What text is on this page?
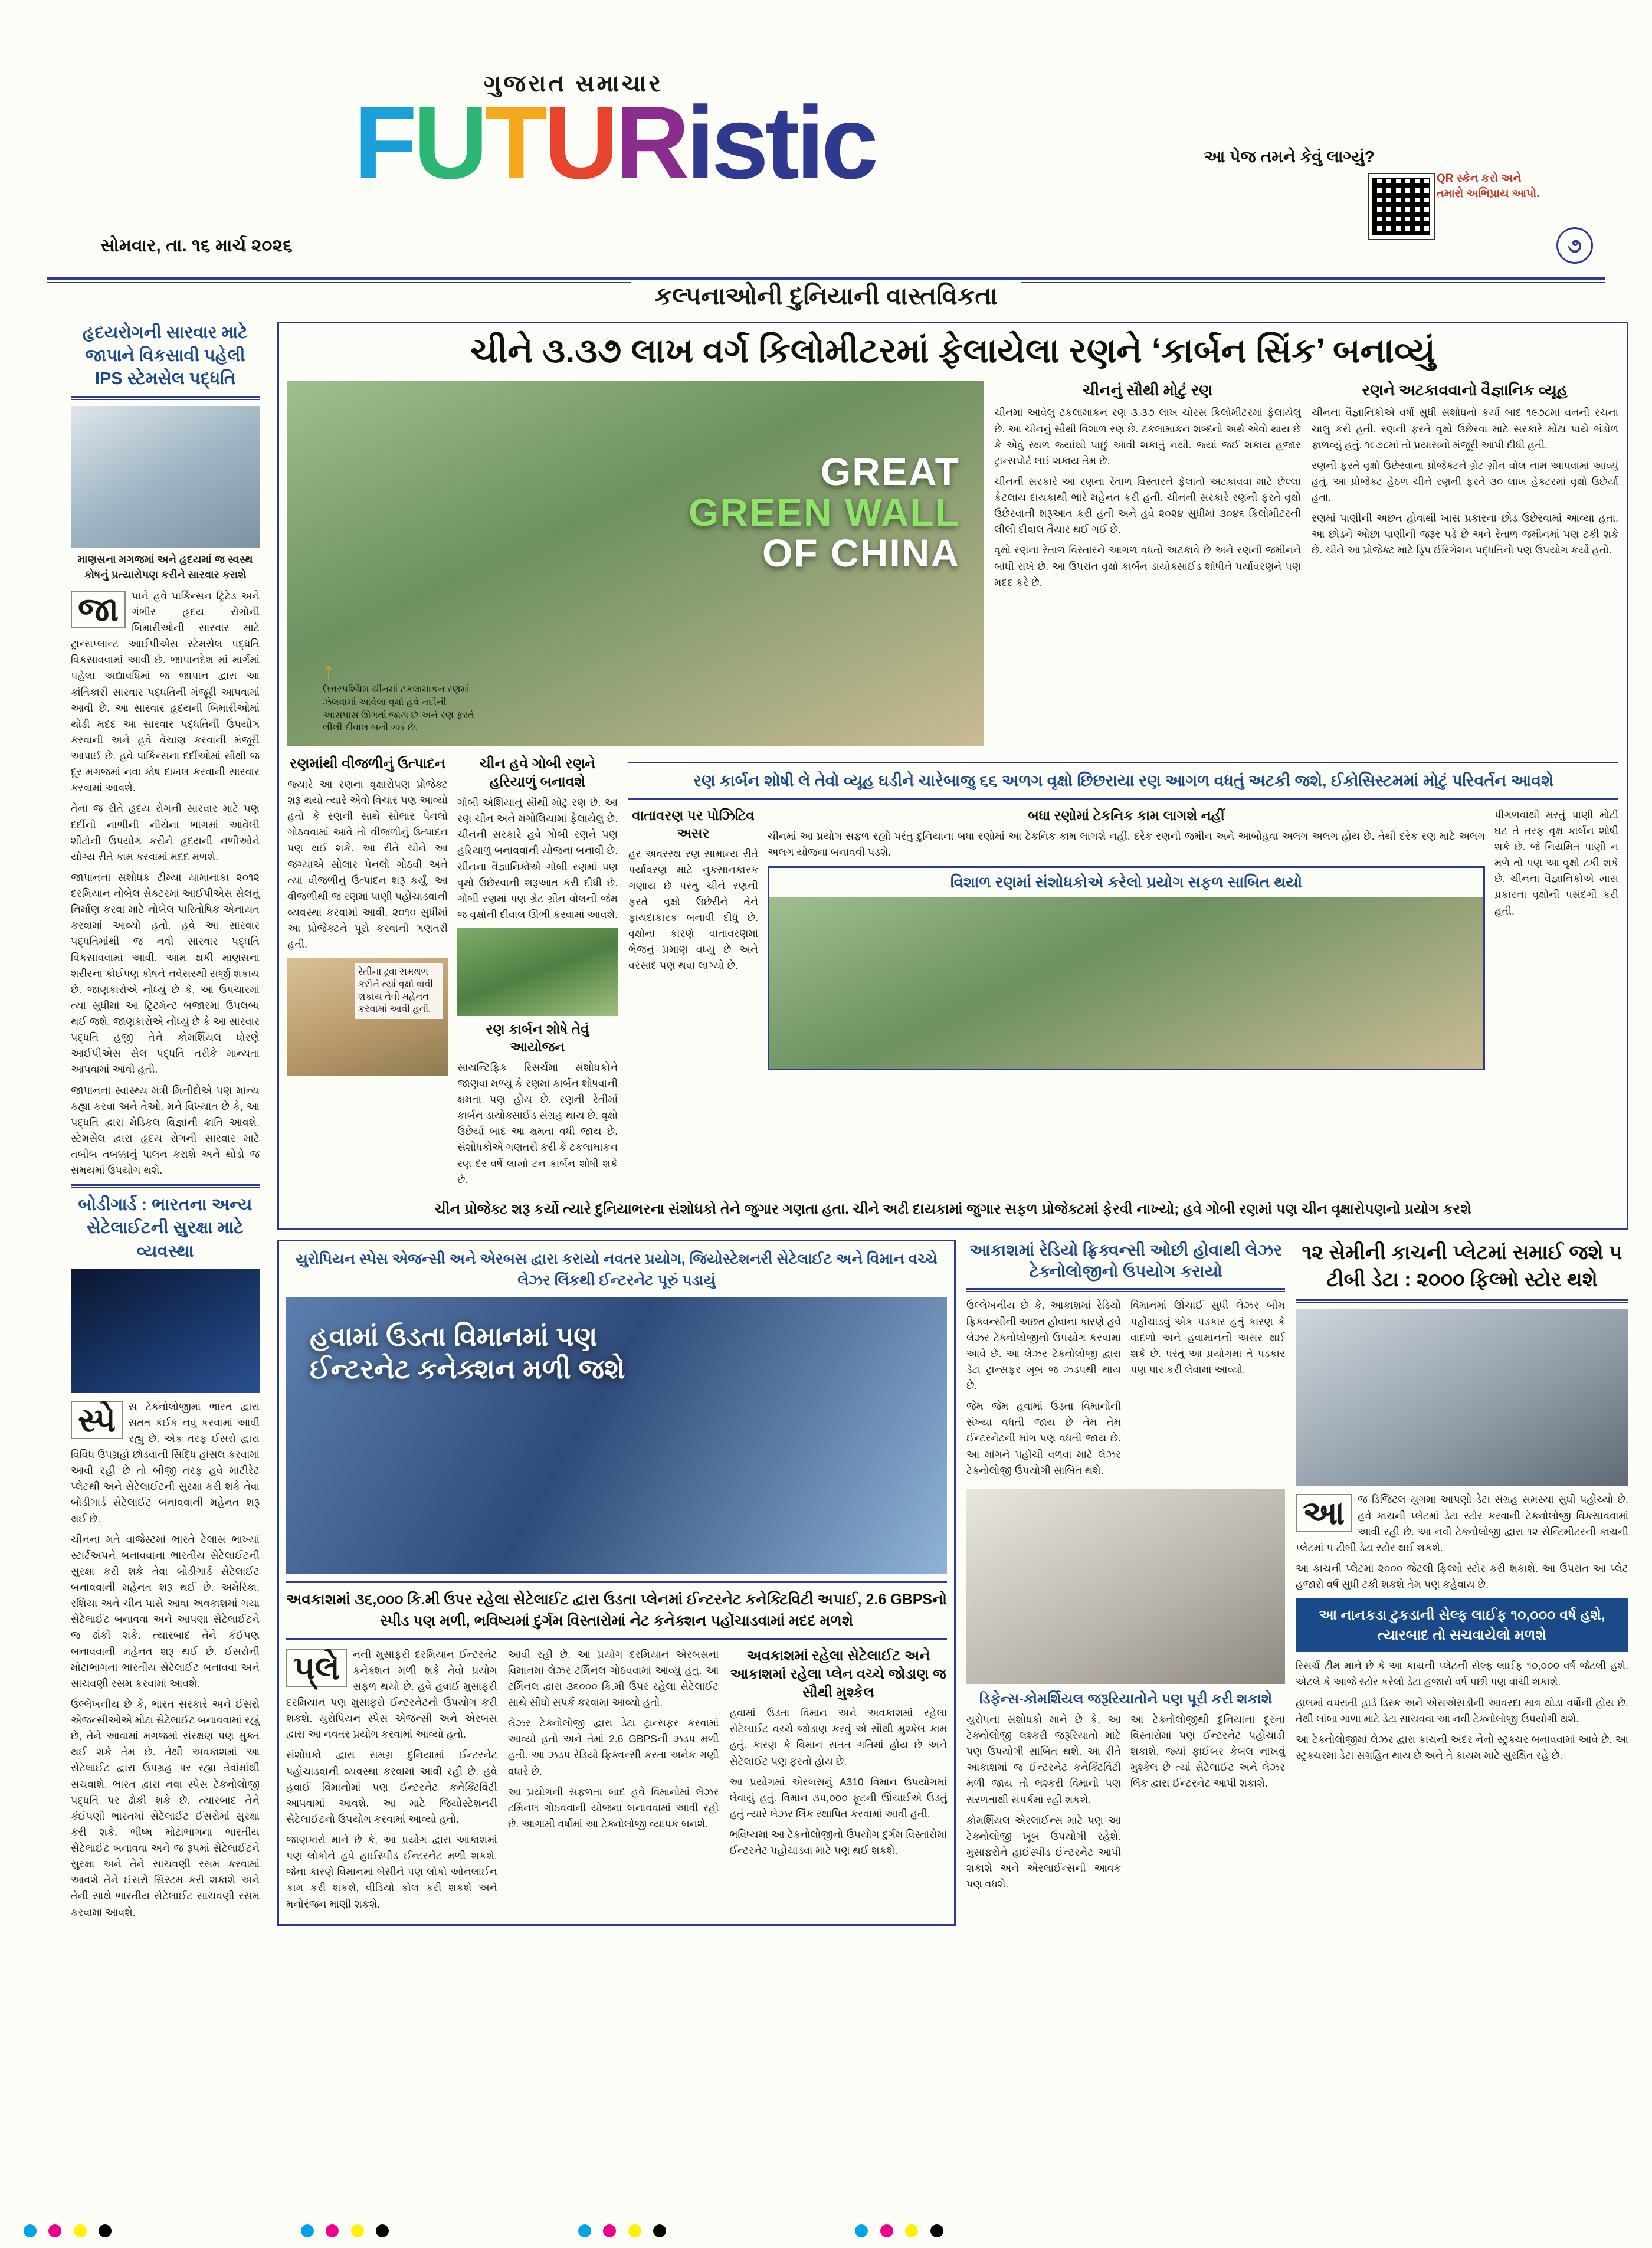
ગુજરાત સમાચાર
FUTURistic
સોમવાર, તા. ૧૬ માર્ચ ૨૦૨૬
આ પેજ તમને કેવું લાગ્યું?
QR સ્કેન કરો અને તમારો અભિપ્રાય આપો.
૭
કલ્પનાઓની દુનિયાની વાસ્તવિકતા
હૃદયરોગની સારવાર માટે જાપાને વિકસાવી પહેલી IPS સ્ટેમસેલ પદ્ધતિ
માણસના મગજમાં અને હૃદયમાં જ સ્વસ્થ કોષનું પ્રત્યારોપણ કરીને સારવાર કરાશે

જા	પાને હવે પાર્કિન્સન ટ્રિટેડ અને ગંભીર હૃદય રોગોની બિમારીઓની સારવાર માટે ટ્રાન્સપ્લાન્ટ આઈપીએસ સ્ટેમસેલ પદ્ધતિ વિકસાવવામાં આવી છે. જાપાનદેશ માં માર્ગમાં પહેલા અદ્યાવધિમાં જ જાપાન દ્વારા આ ક્રાંતિકારી સારવાર પદ્ધતિની મંજૂરી આપવામાં આવી છે. આ સારવાર હૃદયની બિમારીઓમાં થોડી મદદ આ સારવાર પદ્ધતિની ઉપયોગ કરવાની અને હવે વેચાણ કરવાની મંજૂરી આપાઈ છે. હવે પાર્કિન્સના દર્દીઓમાં સૌથી જ દૂર મગજમાં નવા કોષ દાખલ કરવાની સારવાર કરવામાં આવશે.

તેના જ રીતે હૃદય રોગની સારવાર માટે પણ દર્દીની નાભીની નીચેના ભાગમાં આવેલી શીટોની ઉપયોગ કરીને હૃદયની નળીઓને યોગ્ય રીતે કામ કરવામાં મદદ મળશે.

જાપાનના સંશોધક ટીમ્યા યામાનાકા ૨૦૧૨ દરમિયાન નોબેલ સેક્ટરમાં આઈપીએસ સેલનું નિર્માણ કરવા માટે નોબેલ પારિતોષિક એનાયત કરવામાં આવ્યો હતો. હવે આ સારવાર પદ્ધતિમાંથી જ નવી સારવાર પદ્ધતિ વિકસાવવામાં આવી. આમ થકી માણસના શરીરના કોઈપણ કોષને નવેસરથી સર્જી શકાય છે. જાણકારોએ નોંધ્યું છે કે, આ ઉપચારમાં ત્યાં સુધીમાં આ ટ્રિટમેન્ટ બજારમાં ઉપલબ્ધ થઈ જશે. જાણકારોએ નોંધ્યું છે કે આ સારવાર પદ્ધતિ હજી તેને કોમર્શિયલ ધોરણે આઈપીએસ સેલ પદ્ધતિ તરીકે માન્યતા આપવામાં આવી હતી.

જાપાનના સ્વાસ્થ્ય મંત્રી મિનીદોએ પણ માન્ય કહ્યા કરવા અને તેઓ, મને વિખ્યાત છે કે, આ પદ્ધતિ દ્વારા મેડિકલ વિજ્ઞાની ક્રાંતિ આવશે. સ્ટેમસેલ દ્વારા હૃદય રોગની સારવાર માટે તબીબ તબક્કાનું પાલન કરાશે અને થોડો જ સમયમાં ઉપયોગ થશે.

બોડીગાર્ડ : ભારતના અન્ય સેટેલાઈટની સુરક્ષા માટે વ્યવસ્થા

સ્પે	સ ટેક્નોલોજીમાં ભારત દ્વારા સતત કંઈક નવું કરવામાં આવી રહ્યું છે. એક તરફ ઈસરો દ્વારા વિવિધ ઉપગ્રહો છોડવાની સિદ્ધિ હાંસલ કરવામાં આવી રહી છે તો બીજી તરફ હવે માટીરેટ પ્લેટથી અને સેટેલાઈટની સુરક્ષા કરી શકે તેવા બોડીગાર્ડ સેટેલાઈટ બનાવવાની મહેનત શરૂ થઈ છે.

ચીનના મતે વાજેસ્ટમાં ભારતે ટેલાસ ભાખ્યાં સ્ટાર્ટઅપને બનાવવાના ભારતીય સેટેલાઈટની સુરક્ષા કરી શકે તેવા બોડીગાર્ડ સેટેલાઈટ બનાવવાની મહેનત શરૂ થઈ છે. અમેરિકા, રશિયા અને ચીન પાસે આવા અવકાશમાં ગયા સેટેલાઈટ બનાવવા અને આપણા સેટેલાઈટને જ ઢાંકી શકે. ત્યારબાદ તેને કંઈપણ બનાવવાની મહેનત શરૂ થઈ છે. ઈસરોની મોટાભાગના ભારતીય સેટેલાઈટ બનાવવા અને સાચવણી રસમ કરવામાં આવશે.

ઉલ્લેખનીય છે કે, ભારત સરકારે અને ઈસરો એજન્સીઓએ મોટા સેટેલાઈટ બનાવવામાં રહ્યું છે, તેને આવામાં મગજમાં સંરક્ષણ પણ મુક્ત થઈ શકે તેમ છે. તેથી અવકાશમાં આ સેટેલાઈટ દ્વારા ઉપગ્રહ પર રહ્યા તેવાંમાંથી સચવાશે. ભારત દ્વારા નવા સ્પેસ ટેકનોલોજી પદ્ધતિ પર ઢોકી શકે છે. ત્યારબાદ તેને કંઈપણી ભારતમાં સેટેલાઈટ ઈસરોમાં સુરક્ષા કરી શકે. ભીષ્મ મોટાભાગના ભારતીય સેટેલાઈટ બનાવવા અને જ રૂપમાં સેટેલાઈટને સુરક્ષા અને તેને સાચવણી રસમ કરવામાં આવશે તેને ઈસરો સિસ્ટમ કરી શકાશે અને તેની સાથે ભારતીય સેટેલાઈટ સાચવણી રસમ કરવામાં આવશે.

ચીને ૩.૩૭ લાખ વર્ગ કિલોમીટરમાં ફેલાયેલા રણને ‘કાર્બન સિંક’ બનાવ્યું
GREAT
GREEN WALL
OF CHINA
↑
ઉત્તરપશ્ચિમ ચીનમાં ટકલામાકન રણમાં ઝેલવામાં આવેલા વૃક્ષો હવે નદીની આસપાસ ઊગતાં જાય છે અને રણ ફરતે લીલી દીવાલ બની ગઈ છે.
ચીનનું સૌથી મોટું રણ

ચીનમાં આવેલું ટકલામાકન રણ ૩.૩૭ લાખ ચોરસ કિલોમીટરમાં ફેલાયેલું છે. આ ચીનનું સૌથી વિશાળ રણ છે. ટકલામાકન શબ્દનો અર્થ એવો થાય છે કે એવું સ્થળ જ્યાંથી પાછું આવી શકાતું નથી. જ્યાં જઈ શકાય હજાર ટ્રાન્સપોર્ટ લઈ શકાય તેમ છે.

ચીનની સરકારે આ રણના રેતાળ વિસ્તારને ફેલાતો અટકાવવા માટે છેલ્લા કેટલાય દાયકાથી ભારે મહેનત કરી હતી. ચીનની સરકારે રણની ફરતે વૃક્ષો ઉછેરવાની શરૂઆત કરી હતી અને હવે ૨૦૨૪ સુધીમાં ૩૦૪૬ કિલોમીટરની લીલી દીવાલ તૈયાર થઈ ગઈ છે.

વૃક્ષો રણના રેતાળ વિસ્તારને આગળ વધતો અટકાવે છે અને રણની જમીનને બાંધી રાખે છે. આ ઉપરાંત વૃક્ષો કાર્બન ડાયોક્સાઈડ શોષીને પર્યાવરણને પણ મદદ કરે છે.

રણને અટકાવવાનો વૈજ્ઞાનિક વ્યૂહ

ચીનના વૈજ્ઞાનિકોએ વર્ષો સુધી સંશોધનો કર્યા બાદ ૧૯૭૮માં વનની રચના ચાલુ કરી હતી. રણની ફરતે વૃક્ષો ઉછેરવા માટે સરકારે મોટા પાયે ભંડોળ ફાળવ્યું હતું. ૧૯૭૮માં તો પ્રયાસનો મંજૂરી આપી દીધી હતી.

રણની ફરતે વૃક્ષો ઉછેરવાના પ્રોજેક્ટને ગ્રેટ ગ્રીન વોલ નામ આપવામાં આવ્યું હતું. આ પ્રોજેક્ટ હેઠળ ચીને રણની ફરતે ૩૦ લાખ હેક્ટરમાં વૃક્ષો ઉછેર્યા હતા.

રણમાં પાણીની અછત હોવાથી ખાસ પ્રકારના છોડ ઉછેરવામાં આવ્યા હતા. આ છોડને ઓછા પાણીની જરૂર પડે છે અને રેતાળ જમીનમાં પણ ટકી શકે છે. ચીને આ પ્રોજેક્ટ માટે ડ્રિપ ઈરિગેશન પદ્ધતિનો પણ ઉપયોગ કર્યો હતો.

રણમાંથી વીજળીનું ઉત્પાદન

જ્યારે આ રણના વૃક્ષારોપણ પ્રોજેક્ટ શરૂ થયો ત્યારે એવો વિચાર પણ આવ્યો હતો કે રણની સાથે સોલાર પેનલો ગોઠવવામાં આવે તો વીજળીનું ઉત્પાદન પણ થઈ શકે. આ રીતે ચીને આ જગ્યાએ સોલાર પેનલો ગોઠવી અને ત્યાં વીજળીનું ઉત્પાદન શરૂ કર્યું. આ વીજળીથી જ રણમાં પાણી પહોંચાડવાની વ્યવસ્થા કરવામાં આવી. ૨૦૧૦ સુધીમાં આ પ્રોજેક્ટને પૂરો કરવાની ગણતરી હતી.

રેતીના ઢૂવા સમથળ કરીને ત્યાં વૃક્ષો વાવી શકાય તેવી મહેનત કરવામાં આવી હતી.
ચીન હવે ગોબી રણને હરિયાળું બનાવશે

ગોબી એશિયાનું સૌથી મોટું રણ છે. આ રણ ચીન અને મંગોલિયામાં ફેલાયેલું છે. ચીનની સરકારે હવે ગોબી રણને પણ હરિયાળું બનાવવાની યોજના બનાવી છે. ચીનના વૈજ્ઞાનિકોએ ગોબી રણમાં પણ વૃક્ષો ઉછેરવાની શરૂઆત કરી દીધી છે. ગોબી રણમાં પણ ગ્રેટ ગ્રીન વોલની જેમ જ વૃક્ષોની દીવાલ ઊભી કરવામાં આવશે.

રણ કાર્બન શોષે તેવું આયોજન

સાયન્ટિફિક રિસર્ચમાં સંશોધકોને જાણવા મળ્યું કે રણમાં કાર્બન શોષવાની ક્ષમતા પણ હોય છે. રણની રેતીમાં કાર્બન ડાયોક્સાઈડ સંગ્રહ થાય છે. વૃક્ષો ઉછેર્યા બાદ આ ક્ષમતા વધી જાય છે. સંશોધકોએ ગણતરી કરી કે ટકલામાકન રણ દર વર્ષે લાખો ટન કાર્બન શોષી શકે છે.

રણ કાર્બન શોષી લે તેવો વ્યૂહ ઘડીને ચારેબાજુ ૬૬ અળગ વૃક્ષો છિછરાયા રણ આગળ વધતું અટકી જશે, ઈકોસિસ્ટમમાં મોટું પરિવર્તન આવશે
વાતાવરણ પર પોઝિટિવ અસર

હર અવરસ્થ રણ સામાન્ય રીતે પર્યાવરણ માટે નુકસાનકારક ગણાય છે પરંતુ ચીને રણની ફરતે વૃક્ષો ઉછેરીને તેને ફાયદાકારક બનાવી દીધું છે. વૃક્ષોના કારણે વાતાવરણમાં ભેજનું પ્રમાણ વધ્યું છે અને વરસાદ પણ થવા લાગ્યો છે.

બધા રણોમાં ટેકનિક કામ લાગશે નહીં

ચીનમાં આ પ્રયોગ સફળ રહ્યો પરંતુ દુનિયાના બધા રણોમાં આ ટેકનિક કામ લાગશે નહીં. દરેક રણની જમીન અને આબોહવા અલગ અલગ હોય છે. તેથી દરેક રણ માટે અલગ અલગ યોજના બનાવવી પડશે.

વિશાળ રણમાં સંશોધકોએ કરેલો પ્રયોગ સફળ સાબિત થયો

પીગળવાથી મરતું પાણી મોટી ઘટ તે તરફ વૃક્ષ કાર્બન શોષી શકે છે. જે નિયમિત પાણી ન મળે તો પણ આ વૃક્ષો ટકી શકે છે. ચીનના વૈજ્ઞાનિકોએ ખાસ પ્રકારના વૃક્ષોની પસંદગી કરી હતી.

ચીન પ્રોજેક્ટ શરૂ કર્યો ત્યારે દુનિયાભરના સંશોધકો તેને જુગાર ગણતા હતા. ચીને અઢી દાયકામાં જુગાર સફળ પ્રોજેક્ટમાં ફેરવી નાખ્યો; હવે ગોબી રણમાં પણ ચીન વૃક્ષારોપણનો પ્રયોગ કરશે
યુરોપિયન સ્પેસ એજન્સી અને એરબસ દ્વારા કરાયો નવતર પ્રયોગ, જિયોસ્ટેશનરી સેટેલાઈટ અને વિમાન વચ્ચે લેઝર લિંકથી ઈન્ટરનેટ પૂરું પડાયું
હવામાં ઉડતા વિમાનમાં પણ
ઈન્ટરનેટ કનેક્શન મળી જશે
અવકાશમાં ૩૬,૦૦૦ કિ.મી ઉપર રહેલા સેટેલાઈટ દ્વારા ઉડતા પ્લેનમાં ઈન્ટરનેટ કનેક્ટિવિટી અપાઈ, 2.6 GBPSનો સ્પીડ પણ મળી, ભવિષ્યમાં દુર્ગમ વિસ્તારોમાં નેટ કનેક્શન પહોંચાડવામાં મદદ મળશે

૫્લે	નની મુસાફરી દરમિયાન ઈન્ટરનેટ કનેક્શન મળી શકે તેવો પ્રયોગ સફળ થયો છે. હવે હવાઈ મુસાફરી દરમિયાન પણ મુસાફરો ઈન્ટરનેટનો ઉપયોગ કરી શકશે. યુરોપિયન સ્પેસ એજન્સી અને એરબસ દ્વારા આ નવતર પ્રયોગ કરવામાં આવ્યો હતો.

સંશોધકો દ્વારા સમગ્ર દુનિયામાં ઈન્ટરનેટ પહોંચાડવાની વ્યવસ્થા કરવામાં આવી રહી છે. હવે હવાઈ વિમાનોમાં પણ ઈન્ટરનેટ કનેક્ટિવિટી આપવામાં આવશે. આ માટે જિયોસ્ટેશનરી સેટેલાઈટનો ઉપયોગ કરવામાં આવ્યો હતો.

જાણકારો માને છે કે, આ પ્રયોગ દ્વારા આકાશમાં પણ લોકોને હવે હાઈસ્પીડ ઈન્ટરનેટ મળી શકશે. જેના કારણે વિમાનમાં બેસીને પણ લોકો ઓનલાઈન કામ કરી શકશે, વીડિયો કોલ કરી શકશે અને મનોરંજન માણી શકશે.

આવી રહી છે. આ પ્રયોગ દરમિયાન એરબસના વિમાનમાં લેઝર ટર્મિનલ ગોઠવવામાં આવ્યું હતું. આ ટર્મિનલ દ્વારા ૩૬૦૦૦ કિ.મી ઉપર રહેલા સેટેલાઈટ સાથે સીધો સંપર્ક કરવામાં આવ્યો હતો.

લેઝર ટેક્નોલોજી દ્વારા ડેટા ટ્રાન્સફર કરવામાં આવ્યો હતો અને તેમાં 2.6 GBPSની ઝડપ મળી હતી. આ ઝડપ રેડિયો ફ્રિક્વન્સી કરતા અનેક ગણી વધારે છે.

આ પ્રયોગની સફળતા બાદ હવે વિમાનોમાં લેઝર ટર્મિનલ ગોઠવવાની યોજના બનાવવામાં આવી રહી છે. આગામી વર્ષોમાં આ ટેક્નોલોજી વ્યાપક બનશે.

અવકાશમાં રહેલા સેટેલાઈટ અને આકાશમાં રહેલા પ્લેન વચ્ચે જોડાણ જ સૌથી મુશ્કેલ

હવામાં ઉડતા વિમાન અને અવકાશમાં રહેલા સેટેલાઈટ વચ્ચે જોડાણ કરવું એ સૌથી મુશ્કેલ કામ હતું. કારણ કે વિમાન સતત ગતિમાં હોય છે અને સેટેલાઈટ પણ ફરતો હોય છે.

આ પ્રયોગમાં એરબસનું A310 વિમાન ઉપયોગમાં લેવાયું હતું. વિમાન ૩૫,૦૦૦ ફૂટની ઊંચાઈએ ઉડતું હતું ત્યારે લેઝર લિંક સ્થાપિત કરવામાં આવી હતી.

ભવિષ્યમાં આ ટેક્નોલોજીનો ઉપયોગ દુર્ગમ વિસ્તારોમાં ઈન્ટરનેટ પહોંચાડવા માટે પણ થઈ શકશે.

આકાશમાં રેડિયો ફ્રિક્વન્સી ઓછી હોવાથી લેઝર ટેક્નોલોજીનો ઉપયોગ કરાયો

ઉલ્લેખનીય છે કે, આકાશમાં રેડિયો ફ્રિક્વન્સીની અછત હોવાના કારણે હવે લેઝર ટેક્નોલોજીનો ઉપયોગ કરવામાં આવે છે. આ લેઝર ટેક્નોલોજી દ્વારા ડેટા ટ્રાન્સફર ખૂબ જ ઝડપથી થાય છે.

જેમ જેમ હવામાં ઉડતા વિમાનોની સંખ્યા વધતી જાય છે તેમ તેમ ઈન્ટરનેટની માંગ પણ વધતી જાય છે. આ માંગને પહોંચી વળવા માટે લેઝર ટેક્નોલોજી ઉપયોગી સાબિત થશે.

વિમાનમાં ઊંચાઈ સુધી લેઝર બીમ પહોંચાડવું એક પડકાર હતું કારણ કે વાદળો અને હવામાનની અસર થઈ શકે છે. પરંતુ આ પ્રયોગમાં તે પડકાર પણ પાર કરી લેવામાં આવ્યો.

ડિફેન્સ-કોમર્શિયલ જરૂરિયાતોને પણ પૂરી કરી શકાશે

યુરોપના સંશોધકો માને છે કે, આ ટેક્નોલોજી લશ્કરી જરૂરિયાતો માટે પણ ઉપયોગી સાબિત થશે. આ રીતે આકાશમાં જ ઈન્ટરનેટ કનેક્ટિવિટી મળી જાય તો લશ્કરી વિમાનો પણ સરળતાથી સંપર્કમાં રહી શકશે.

કોમર્શિયલ એરલાઈન્સ માટે પણ આ ટેક્નોલોજી ખૂબ ઉપયોગી રહેશે. મુસાફરોને હાઈસ્પીડ ઈન્ટરનેટ આપી શકાશે અને એરલાઈન્સની આવક પણ વધશે.

આ ટેક્નોલોજીથી દુનિયાના દૂરના વિસ્તારોમાં પણ ઈન્ટરનેટ પહોંચાડી શકાશે. જ્યાં ફાઈબર કેબલ નાખવું મુશ્કેલ છે ત્યાં સેટેલાઈટ અને લેઝર લિંક દ્વારા ઈન્ટરનેટ આપી શકાશે.

૧૨ સેમીની કાચની પ્લેટમાં સમાઈ જશે ૫ ટીબી ડેટા : ૨૦૦૦ ફિલ્મો સ્ટોર થશે

આ	જ ડિજિટલ યુગમાં આપણો ડેટા સંગ્રહ સમસ્યા સુધી પહોંચ્યો છે. હવે કાચની પ્લેટમાં ડેટા સ્ટોર કરવાની ટેક્નોલોજી વિકસાવવામાં આવી રહી છે. આ નવી ટેક્નોલોજી દ્વારા ૧૨ સેન્ટિમીટરની કાચની પ્લેટમાં ૫ ટીબી ડેટા સ્ટોર થઈ શકશે.

આ કાચની પ્લેટમાં ૨૦૦૦ જેટલી ફિલ્મો સ્ટોર કરી શકાશે. આ ઉપરાંત આ પ્લેટ હજારો વર્ષ સુધી ટકી શકશે તેમ પણ કહેવાય છે.

આ નાનકડા ટુકડાની સેલ્ફ લાઈફ ૧૦,૦૦૦ વર્ષ હશે, ત્યારબાદ તો સચવાયેલો મળશે

રિસર્ચ ટીમ માને છે કે આ કાચની પ્લેટની સેલ્ફ લાઈફ ૧૦,૦૦૦ વર્ષ જેટલી હશે. એટલે કે આજે સ્ટોર કરેલો ડેટા હજારો વર્ષ પછી પણ વાંચી શકાશે.

હાલમાં વપરાતી હાર્ડ ડિસ્ક અને એસએસડીની આવરદા માત્ર થોડા વર્ષોની હોય છે. તેથી લાંબા ગાળા માટે ડેટા સાચવવા આ નવી ટેક્નોલોજી ઉપયોગી થશે.

આ ટેક્નોલોજીમાં લેઝર દ્વારા કાચની અંદર નેનો સ્ટ્રક્ચર બનાવવામાં આવે છે. આ સ્ટ્રક્ચરમાં ડેટા સંગ્રહિત થાય છે અને તે કાયમ માટે સુરક્ષિત રહે છે.
